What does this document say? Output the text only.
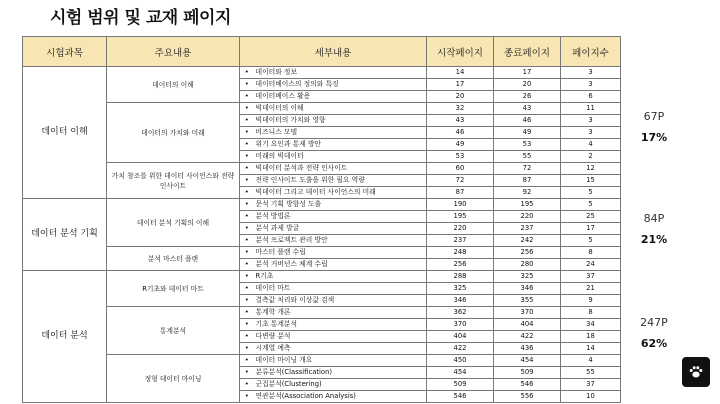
시험 범위 및 교재 페이지
시험과목	주요내용	세부내용		시작페이지	종료페이지	페이지수
데이터 이해	데이터의 이해	•	데이터와 정보	14	17	3
		•	데이터베이스의 정의와 특징	17	20	3
		•	데이터베이스 활용	20	26	6
	데이터의 가치와 미래	•	빅데이터의 이해	32	43	11
		•	빅데이터의 가치와 영향	43	46	3
		•	비즈니스 모델	46	49	3
		•	위기 요인과 통제 방안	49	53	4
		•	미래의 빅데이터	53	55	2
	가치 창조를 위한 데이터 사이언스와 전략 인사이트	•	빅데이터 분석과 전략 인사이트	60	72	12
		•	전략 인사이트 도출을 위한 필요 역량	72	87	15
		•	빅데이터 그리고 데이터 사이언스의 미래	87	92	5
데이터 분석 기획	데이터 분석 기획의 이해	•	문석 기획 방향성 도출	190	195	5
		•	분석 방법론	195	220	25
		•	분석 과제 발굴	220	237	17
		•	분석 프로젝트 관리 방안	237	242	5
	분석 마스터 플랜	•	마스터 플랜 수립	248	256	8
		•	분석 거버넌스 체계 수립	256	280	24
데이터 분석	R기초와 데이터 마트	•	R기초	288	325	37
		•	데이터 마트	325	346	21
		•	결측값 처리와 이상값 검색	346	355	9
	통계분석	•	통계학 개론	362	370	8
		•	기초 통계분석	370	404	34
		•	다변량 분석	404	422	18
		•	시계열 예측	422	436	14
	정형 데이터 마이닝	•	데이터 마이닝 개요	450	454	4
		•	분류분석(Classification)	454	509	55
		•	군집분석(Clustering)	509	546	37
		•	연관분석(Association Analysis)	546	556	10
67P
17%
84P
21%
247P
62%
